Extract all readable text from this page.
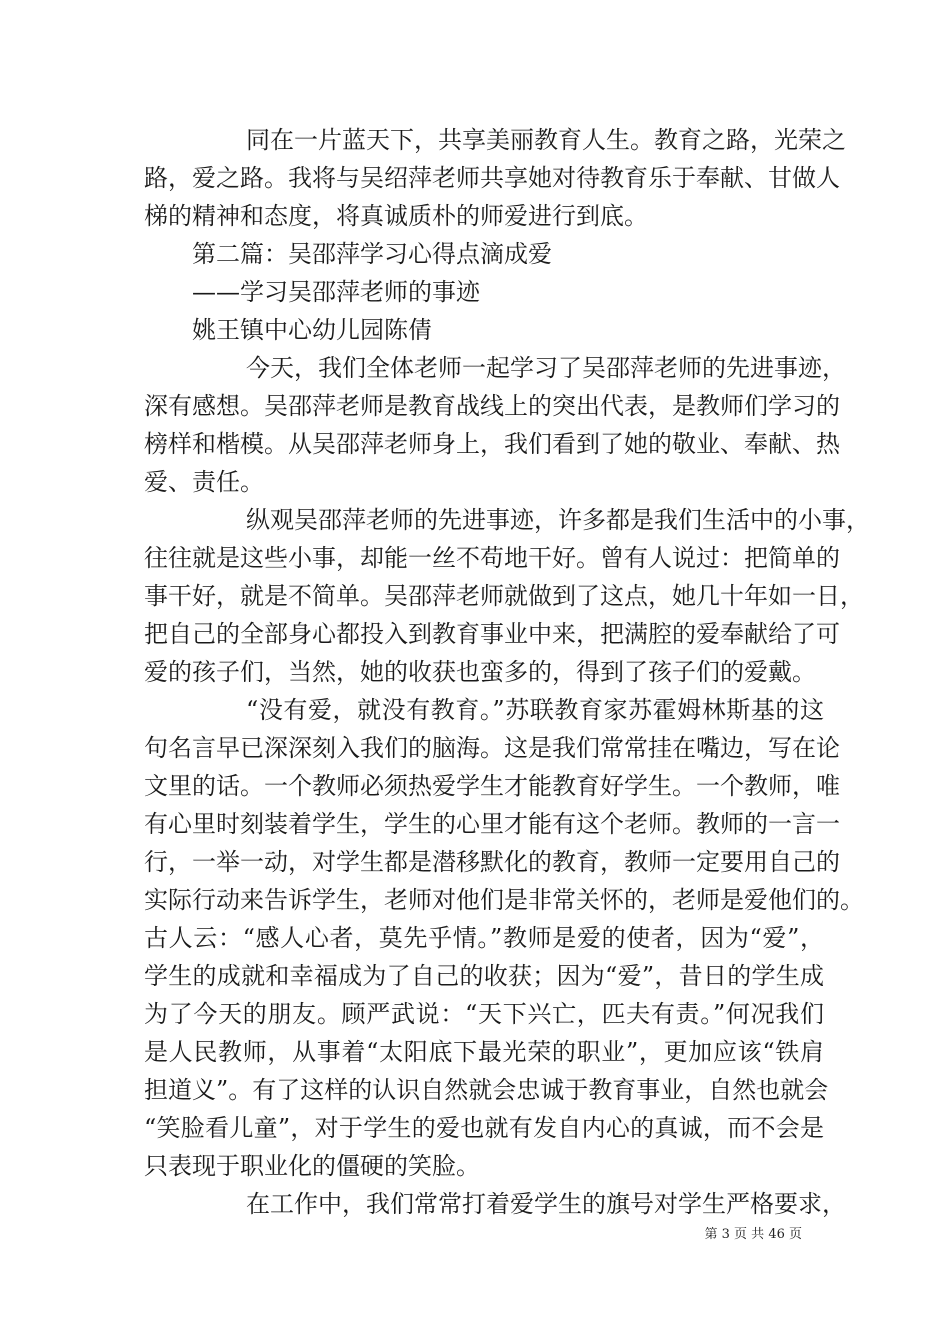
同在一片蓝天下，共享美丽教育人生。教育之路，光荣之
路，爱之路。我将与吴绍萍老师共享她对待教育乐于奉献、甘做人
梯的精神和态度，将真诚质朴的师爱进行到底。
第二篇：吴邵萍学习心得点滴成爱
——学习吴邵萍老师的事迹
姚王镇中心幼儿园陈倩
今天，我们全体老师一起学习了吴邵萍老师的先进事迹，
深有感想。吴邵萍老师是教育战线上的突出代表，是教师们学习的
榜样和楷模。从吴邵萍老师身上，我们看到了她的敬业、奉献、热
爱、责任。
纵观吴邵萍老师的先进事迹，许多都是我们生活中的小事，
往往就是这些小事，却能一丝不苟地干好。曾有人说过：把简单的
事干好，就是不简单。吴邵萍老师就做到了这点，她几十年如一日，
把自己的全部身心都投入到教育事业中来，把满腔的爱奉献给了可
爱的孩子们，当然，她的收获也蛮多的，得到了孩子们的爱戴。
“没有爱，就没有教育。”苏联教育家苏霍姆林斯基的这
句名言早已深深刻入我们的脑海。这是我们常常挂在嘴边，写在论
文里的话。一个教师必须热爱学生才能教育好学生。一个教师，唯
有心里时刻装着学生，学生的心里才能有这个老师。教师的一言一
行，一举一动，对学生都是潜移默化的教育，教师一定要用自己的
实际行动来告诉学生，老师对他们是非常关怀的，老师是爱他们的。
古人云：“感人心者，莫先乎情。”教师是爱的使者，因为“爱”，
学生的成就和幸福成为了自己的收获；因为“爱”，昔日的学生成
为了今天的朋友。顾严武说：“天下兴亡，匹夫有责。”何况我们
是人民教师，从事着“太阳底下最光荣的职业”，更加应该“铁肩
担道义”。有了这样的认识自然就会忠诚于教育事业，自然也就会
“笑脸看儿童”，对于学生的爱也就有发自内心的真诚，而不会是
只表现于职业化的僵硬的笑脸。
在工作中，我们常常打着爱学生的旗号对学生严格要求，
第 3 页 共 46 页
